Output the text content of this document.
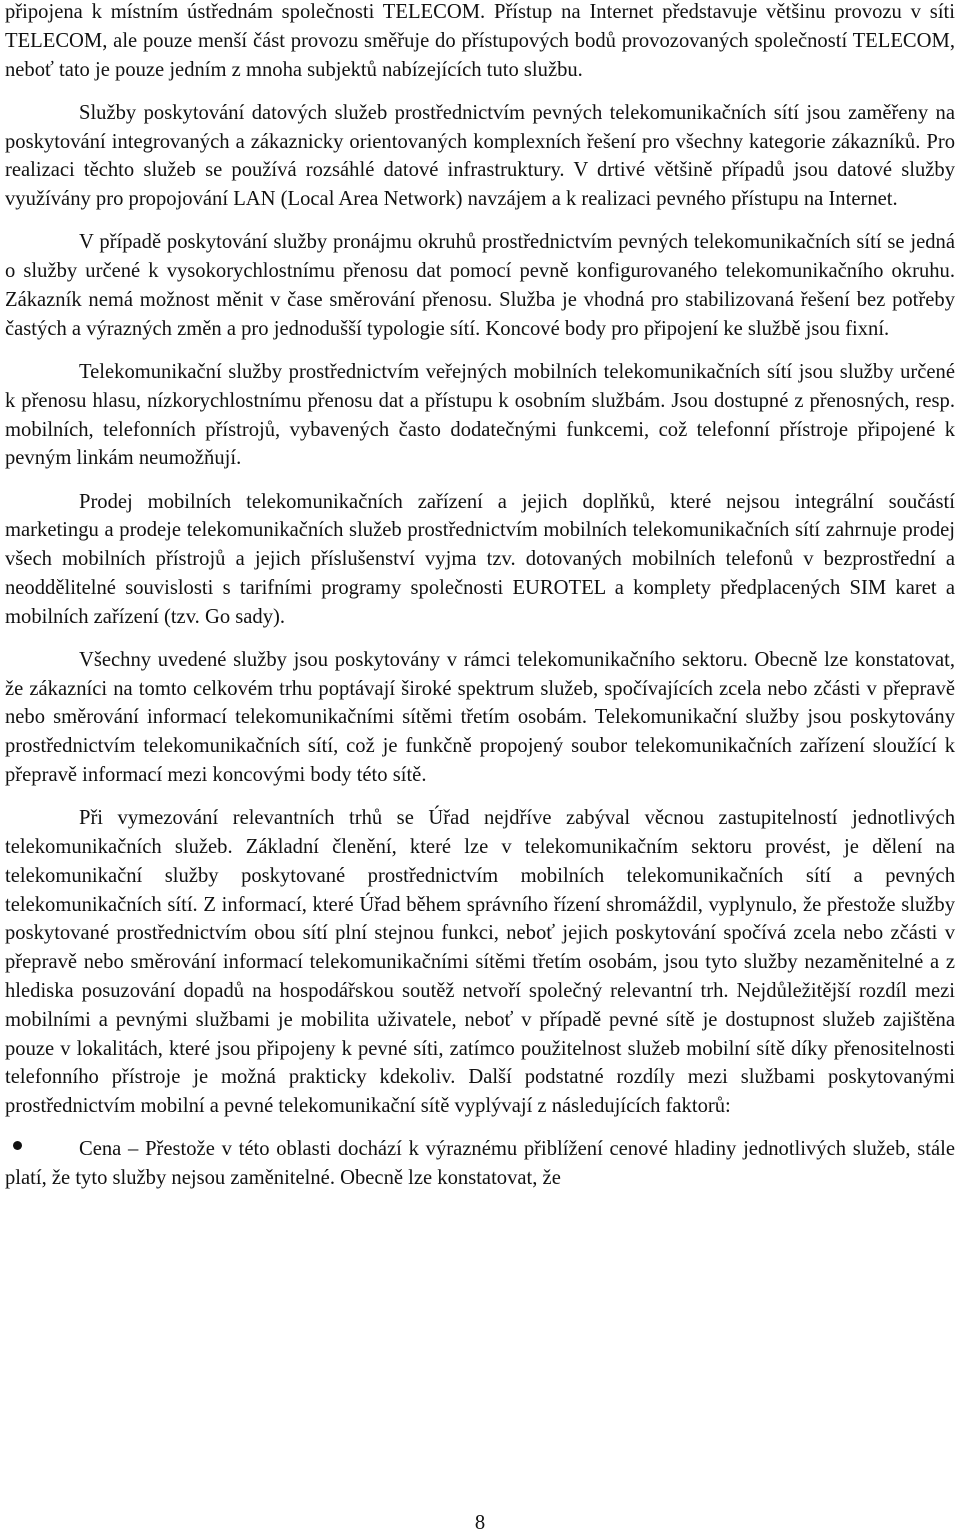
připojena k místním ústřednám společnosti TELECOM. Přístup na Internet představuje většinu provozu v síti TELECOM, ale pouze menší část provozu směřuje do přístupových bodů provozovaných společností TELECOM, neboť tato je pouze jedním z mnoha subjektů nabízejících tuto službu.

Služby poskytování datových služeb prostřednictvím pevných telekomunikačních sítí jsou zaměřeny na poskytování integrovaných a zákaznicky orientovaných komplexních řešení pro všechny kategorie zákazníků. Pro realizaci těchto služeb se používá rozsáhlé datové infrastruktury. V drtivé většině případů jsou datové služby využívány pro propojování LAN (Local Area Network) navzájem a k realizaci pevného přístupu na Internet.

V případě poskytování služby pronájmu okruhů prostřednictvím pevných telekomunikačních sítí se jedná o služby určené k vysokorychlostnímu přenosu dat pomocí pevně konfigurovaného telekomunikačního okruhu. Zákazník nemá možnost měnit v čase směrování přenosu. Služba je vhodná pro stabilizovaná řešení bez potřeby častých a výrazných změn a pro jednodušší typologie sítí. Koncové body pro připojení ke službě jsou fixní.

Telekomunikační služby prostřednictvím veřejných mobilních telekomunikačních sítí jsou služby určené k přenosu hlasu, nízkorychlostnímu přenosu dat a přístupu k osobním službám. Jsou dostupné z přenosných, resp. mobilních, telefonních přístrojů, vybavených často dodatečnými funkcemi, což telefonní přístroje připojené k pevným linkám neumožňují.

Prodej mobilních telekomunikačních zařízení a jejich doplňků, které nejsou integrální součástí marketingu a prodeje telekomunikačních služeb prostřednictvím mobilních telekomunikačních sítí zahrnuje prodej všech mobilních přístrojů a jejich příslušenství vyjma tzv. dotovaných mobilních telefonů v bezprostřední a neoddělitelné souvislosti s tarifními programy společnosti EUROTEL a komplety předplacených SIM karet a mobilních zařízení (tzv. Go sady).

Všechny uvedené služby jsou poskytovány v rámci telekomunikačního sektoru. Obecně lze konstatovat, že zákazníci na tomto celkovém trhu poptávají široké spektrum služeb, spočívajících zcela nebo zčásti v přepravě nebo směrování informací telekomunikačními sítěmi třetím osobám. Telekomunikační služby jsou poskytovány prostřednictvím telekomunikačních sítí, což je funkčně propojený soubor telekomunikačních zařízení sloužící k přepravě informací mezi koncovými body této sítě.

Při vymezování relevantních trhů se Úřad nejdříve zabýval věcnou zastupitelností jednotlivých telekomunikačních služeb. Základní členění, které lze v telekomunikačním sektoru provést, je dělení na telekomunikační služby poskytované prostřednictvím mobilních telekomunikačních sítí a pevných telekomunikačních sítí. Z informací, které Úřad během správního řízení shromáždil, vyplynulo, že přestože služby poskytované prostřednictvím obou sítí plní stejnou funkci, neboť jejich poskytování spočívá zcela nebo zčásti v přepravě nebo směrování informací telekomunikačními sítěmi třetím osobám, jsou tyto služby nezaměnitelné a z hlediska posuzování dopadů na hospodářskou soutěž netvoří společný relevantní trh. Nejdůležitější rozdíl mezi mobilními a pevnými službami je mobilita uživatele, neboť v případě pevné sítě je dostupnost služeb zajištěna pouze v lokalitách, které jsou připojeny k pevné síti, zatímco použitelnost služeb mobilní sítě díky přenositelnosti telefonního přístroje je možná prakticky kdekoliv. Další podstatné rozdíly mezi službami poskytovanými prostřednictvím mobilní a pevné telekomunikační sítě vyplývají z následujících faktorů:

Cena – Přestože v této oblasti dochází k výraznému přiblížení cenové hladiny jednotlivých služeb, stále platí, že tyto služby nejsou zaměnitelné. Obecně lze konstatovat, že
8
